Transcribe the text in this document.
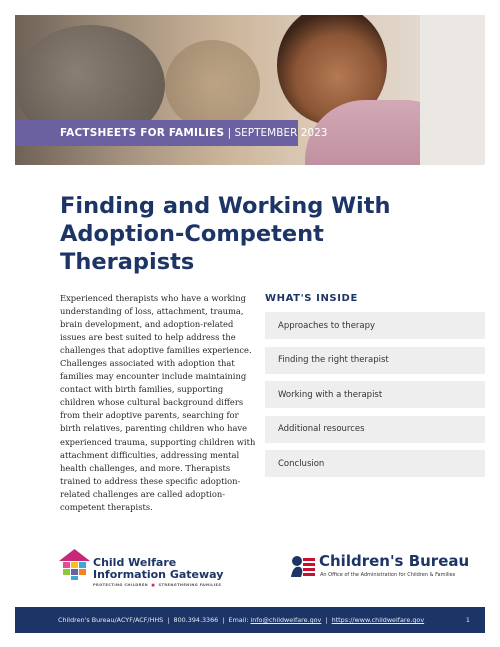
FACTSHEETS FOR FAMILIES | SEPTEMBER 2023
Finding and Working With Adoption-Competent Therapists

Experienced therapists who have a working understanding of loss, attachment, trauma, brain development, and adoption-related issues are best suited to help address the challenges that adoptive families experience. Challenges associated with adoption that families may encounter include maintaining contact with birth families, supporting children whose cultural background differs from their adoptive parents, searching for birth relatives, parenting children who have experienced trauma, supporting children with attachment difficulties, addressing mental health challenges, and more. Therapists trained to address these specific adoption-related challenges are called adoption-competent therapists.

WHAT'S INSIDE
Approaches to therapy
Finding the right therapist
Working with a therapist
Additional resources
Conclusion
Child Welfare
Information Gateway
PROTECTING CHILDREN  ■  STRENGTHENING FAMILIES
Children's Bureau
An Office of the Administration for Children & Families
Children's Bureau/ACYF/ACF/HHS | 800.394.3366 | Email:
info@childwelfare.gov | https://www.childwelfare.gov	1
